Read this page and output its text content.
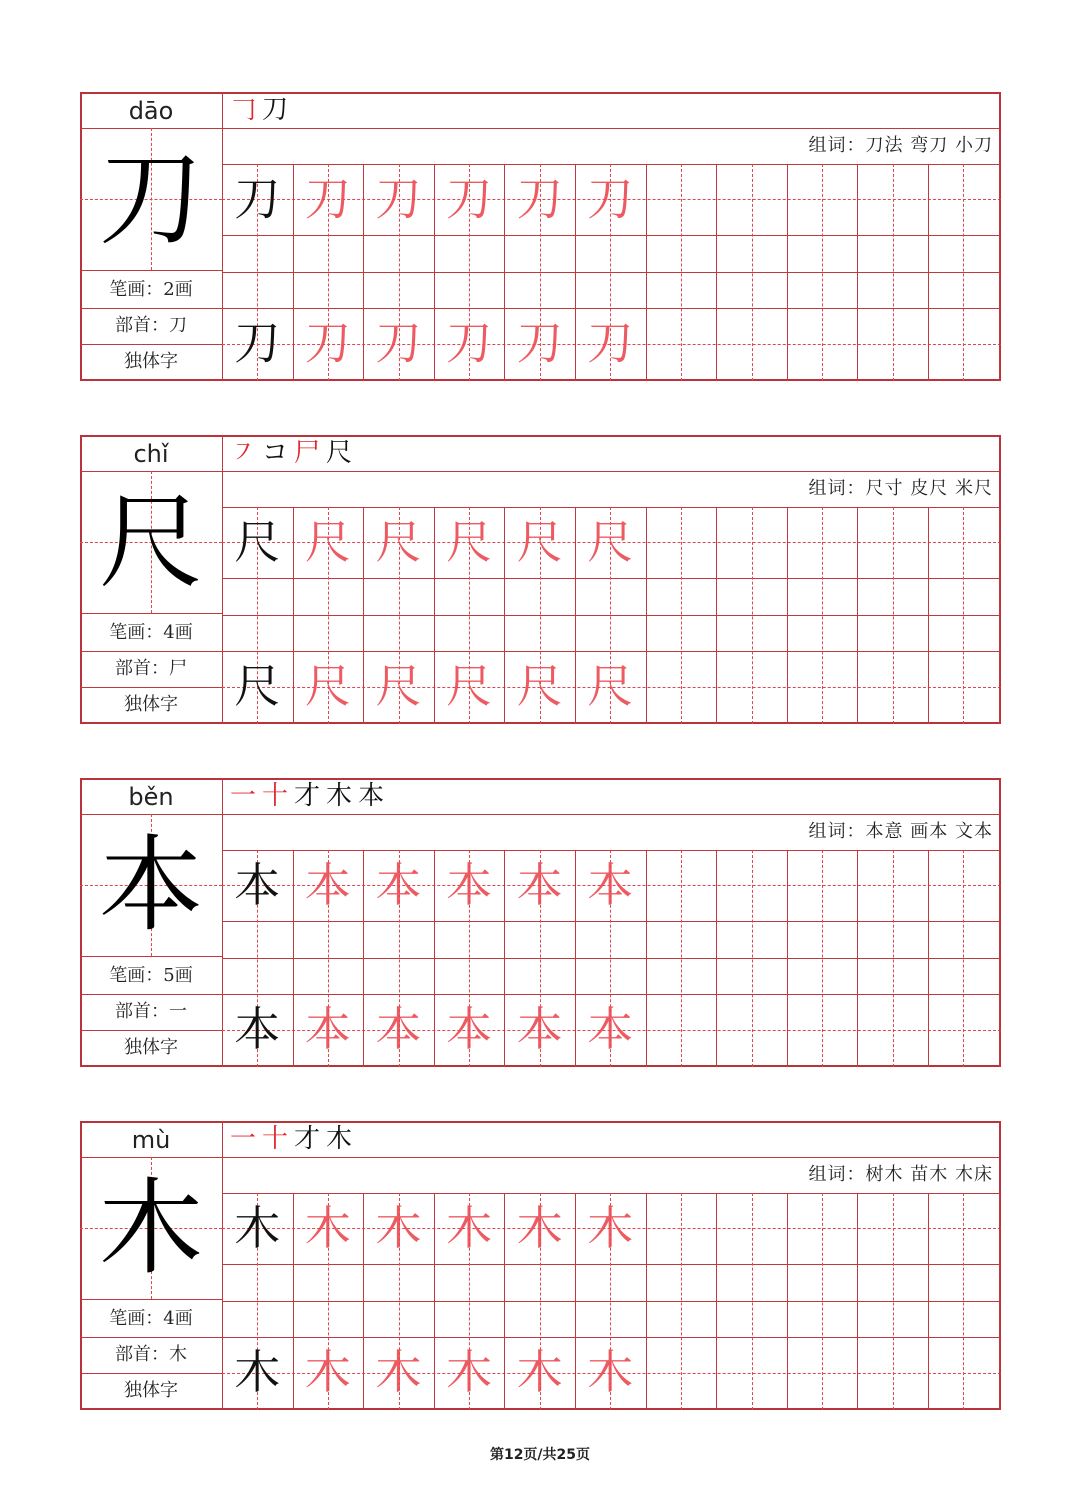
dāo
刀
笔画：2画
部首：刀
独体字
𠃌 刀
组词：刀法 弯刀 小刀
刀 刀 刀 刀 刀 刀
刀 刀 刀 刀 刀 刀
chǐ
尺
笔画：4画
部首：尸
独体字
㇇ コ 尸 尺
组词：尺寸 皮尺 米尺
尺 尺 尺 尺 尺 尺
尺 尺 尺 尺 尺 尺
běn
本
笔画：5画
部首：一
独体字
一 十 才 木 本
组词：本意 画本 文本
本 本 本 本 本 本
本 本 本 本 本 本
mù
木
笔画：4画
部首：木
独体字
一 十 才 木
组词：树木 苗木 木床
木 木 木 木 木 木
木 木 木 木 木 木
第12页/共25页
